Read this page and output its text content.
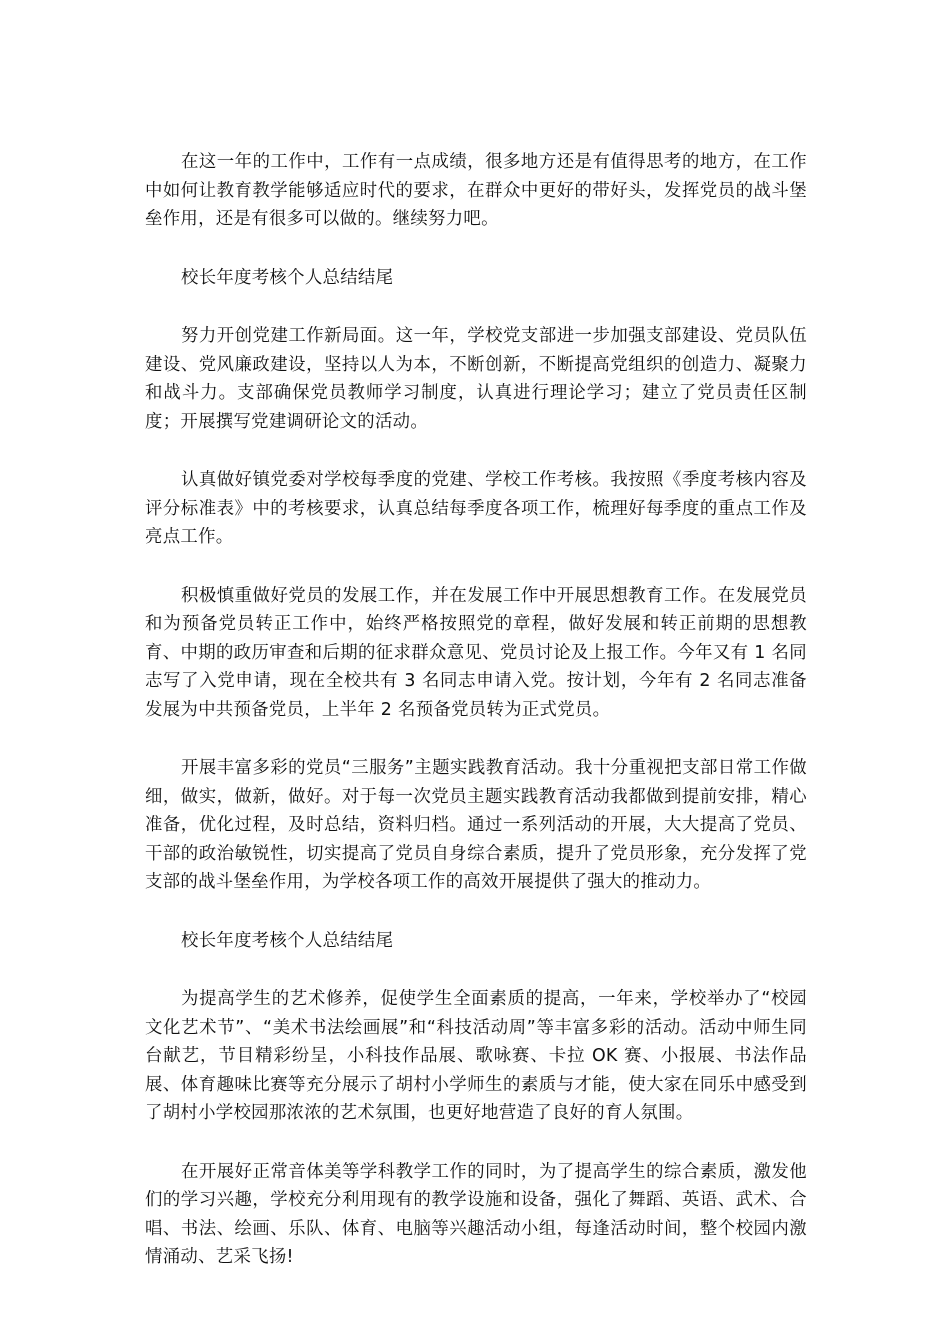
在这一年的工作中，工作有一点成绩，很多地方还是有值得思考的地方，在工作中如何让教育教学能够适应时代的要求，在群众中更好的带好头，发挥党员的战斗堡垒作用，还是有很多可以做的。继续努力吧。

校长年度考核个人总结结尾

努力开创党建工作新局面。这一年，学校党支部进一步加强支部建设、党员队伍建设、党风廉政建设，坚持以人为本，不断创新，不断提高党组织的创造力、凝聚力和战斗力。支部确保党员教师学习制度，认真进行理论学习；建立了党员责任区制度；开展撰写党建调研论文的活动。

认真做好镇党委对学校每季度的党建、学校工作考核。我按照《季度考核内容及评分标准表》中的考核要求，认真总结每季度各项工作，梳理好每季度的重点工作及亮点工作。

积极慎重做好党员的发展工作，并在发展工作中开展思想教育工作。在发展党员和为预备党员转正工作中，始终严格按照党的章程，做好发展和转正前期的思想教育、中期的政历审查和后期的征求群众意见、党员讨论及上报工作。今年又有 1 名同志写了入党申请，现在全校共有 3 名同志申请入党。按计划，今年有 2 名同志准备发展为中共预备党员，上半年 2 名预备党员转为正式党员。

开展丰富多彩的党员“三服务”主题实践教育活动。我十分重视把支部日常工作做细，做实，做新，做好。对于每一次党员主题实践教育活动我都做到提前安排，精心准备，优化过程，及时总结，资料归档。通过一系列活动的开展，大大提高了党员、干部的政治敏锐性，切实提高了党员自身综合素质，提升了党员形象，充分发挥了党支部的战斗堡垒作用，为学校各项工作的高效开展提供了强大的推动力。

校长年度考核个人总结结尾

为提高学生的艺术修养，促使学生全面素质的提高，一年来，学校举办了“校园文化艺术节”、“美术书法绘画展”和“科技活动周”等丰富多彩的活动。活动中师生同台献艺，节目精彩纷呈，小科技作品展、歌咏赛、卡拉 OK 赛、小报展、书法作品展、体育趣味比赛等充分展示了胡村小学师生的素质与才能，使大家在同乐中感受到了胡村小学校园那浓浓的艺术氛围，也更好地营造了良好的育人氛围。

在开展好正常音体美等学科教学工作的同时，为了提高学生的综合素质，激发他们的学习兴趣，学校充分利用现有的教学设施和设备，强化了舞蹈、英语、武术、合唱、书法、绘画、乐队、体育、电脑等兴趣活动小组，每逢活动时间，整个校园内激情涌动、艺采飞扬!
